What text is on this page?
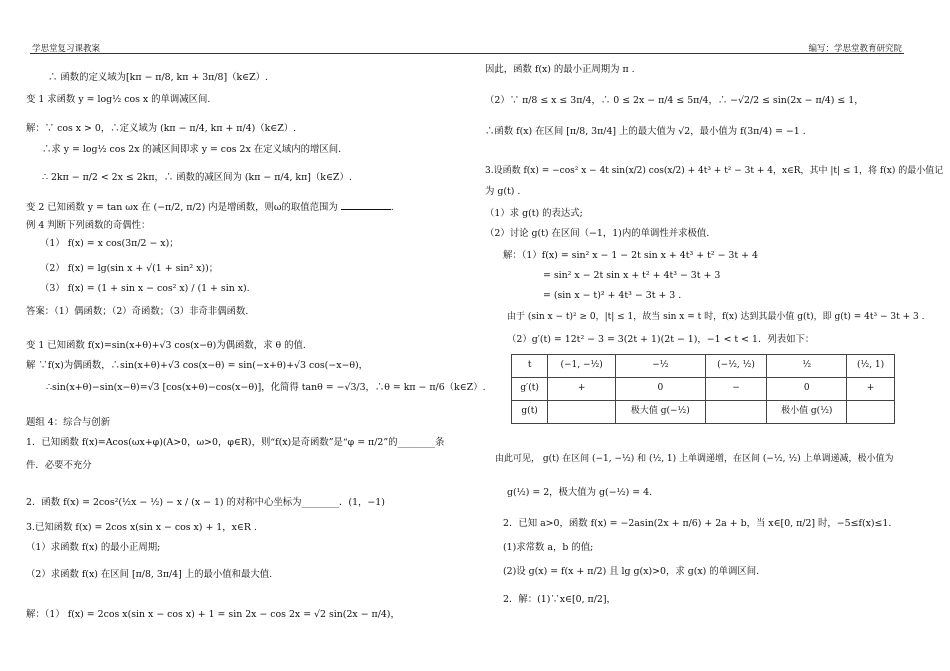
学思堂复习课教案	编写：学思堂教育研究院
∴ 函数的定义域为[kπ − π/8, kπ + 3π/8]（k∈Z）.
变 1 求函数 y = log½ cos x 的单调减区间.
解：∵ cos x > 0，∴定义域为 (kπ − π/4, kπ + π/4)（k∈Z）.
∴求 y = log½ cos 2x 的减区间即求 y = cos 2x 在定义域内的增区间.
∴ 2kπ − π/2 < 2x ≤ 2kπ，∴ 函数的减区间为 (kπ − π/4, kπ]（k∈Z）.
变 2 已知函数 y = tan ωx 在 (−π/2, π/2) 内是增函数，则ω的取值范围为	.
例 4 判断下列函数的奇偶性：
（1） f(x) = x cos(3π/2 − x)；
（2） f(x) = lg(sin x + √(1 + sin² x))；
（3） f(x) = (1 + sin x − cos² x) / (1 + sin x).
答案：（1）偶函数；（2）奇函数；（3）非奇非偶函数.
变 1 已知函数 f(x)=sin(x+θ)+√3 cos(x−θ)为偶函数，求 θ 的值.
解 ∵f(x)为偶函数，∴sin(x+θ)+√3 cos(x−θ) = sin(−x+θ)+√3 cos(−x−θ)，
∴sin(x+θ)−sin(x−θ)=√3 [cos(x+θ)−cos(x−θ)]，化简得 tanθ = −√3/3，∴θ = kπ − π/6（k∈Z）.
题组 4：综合与创新
1．已知函数 f(x)=Acos(ωx+φ)(A>0，ω>0，φ∈R)，则“f(x)是奇函数”是“φ = π/2”的________条
件．必要不充分
2．函数 f(x) = 2cos²(½x − ½) − x / (x − 1) 的对称中心坐标为________．(1，−1)
3.已知函数 f(x) = 2cos x(sin x − cos x) + 1，x∈R .
（1）求函数 f(x) 的最小正周期;
（2）求函数 f(x) 在区间 [π/8, 3π/4] 上的最小值和最大值.
解：（1） f(x) = 2cos x(sin x − cos x) + 1 = sin 2x − cos 2x = √2 sin(2x − π/4)，
因此，函数 f(x) 的最小正周期为 π .
（2）∵ π/8 ≤ x ≤ 3π/4，∴ 0 ≤ 2x − π/4 ≤ 5π/4，∴ −√2/2 ≤ sin(2x − π/4) ≤ 1，
∴函数 f(x) 在区间 [π/8, 3π/4] 上的最大值为 √2，最小值为 f(3π/4) = −1 .
3.设函数 f(x) = −cos² x − 4t sin(x/2) cos(x/2) + 4t³ + t² − 3t + 4，x∈R，其中 |t| ≤ 1，将 f(x) 的最小值记
为 g(t) .
（1）求 g(t) 的表达式;
（2）讨论 g(t) 在区间（−1，1)内的单调性并求极值.
解：（1）f(x) = sin² x − 1 − 2t sin x + 4t³ + t² − 3t + 4
= sin² x − 2t sin x + t² + 4t³ − 3t + 3
= (sin x − t)² + 4t³ − 3t + 3 .
由于 (sin x − t)² ≥ 0，|t| ≤ 1，故当 sin x = t 时，f(x) 达到其最小值 g(t)，即 g(t) = 4t³ − 3t + 3 .
（2）g′(t) = 12t² − 3 = 3(2t + 1)(2t − 1)，−1 < t < 1．列表如下：
t	(−1, −½)	−½	(−½, ½)	½	(½, 1)
g′(t)	+	0	−	0	+
g(t)		极大值 g(−½)		极小值 g(½)	
由此可见， g(t) 在区间 (−1, −½) 和 (½, 1) 上单调递增，在区间 (−½, ½) 上单调递减，极小值为
g(½) = 2，极大值为 g(−½) = 4.
2．已知 a>0，函数 f(x) = −2asin(2x + π/6) + 2a + b，当 x∈[0, π/2] 时，−5≤f(x)≤1.
(1)求常数 a，b 的值;
(2)设 g(x) = f(x + π/2) 且 lg g(x)>0，求 g(x) 的单调区间.
2．解：(1)∵x∈[0, π/2]，
